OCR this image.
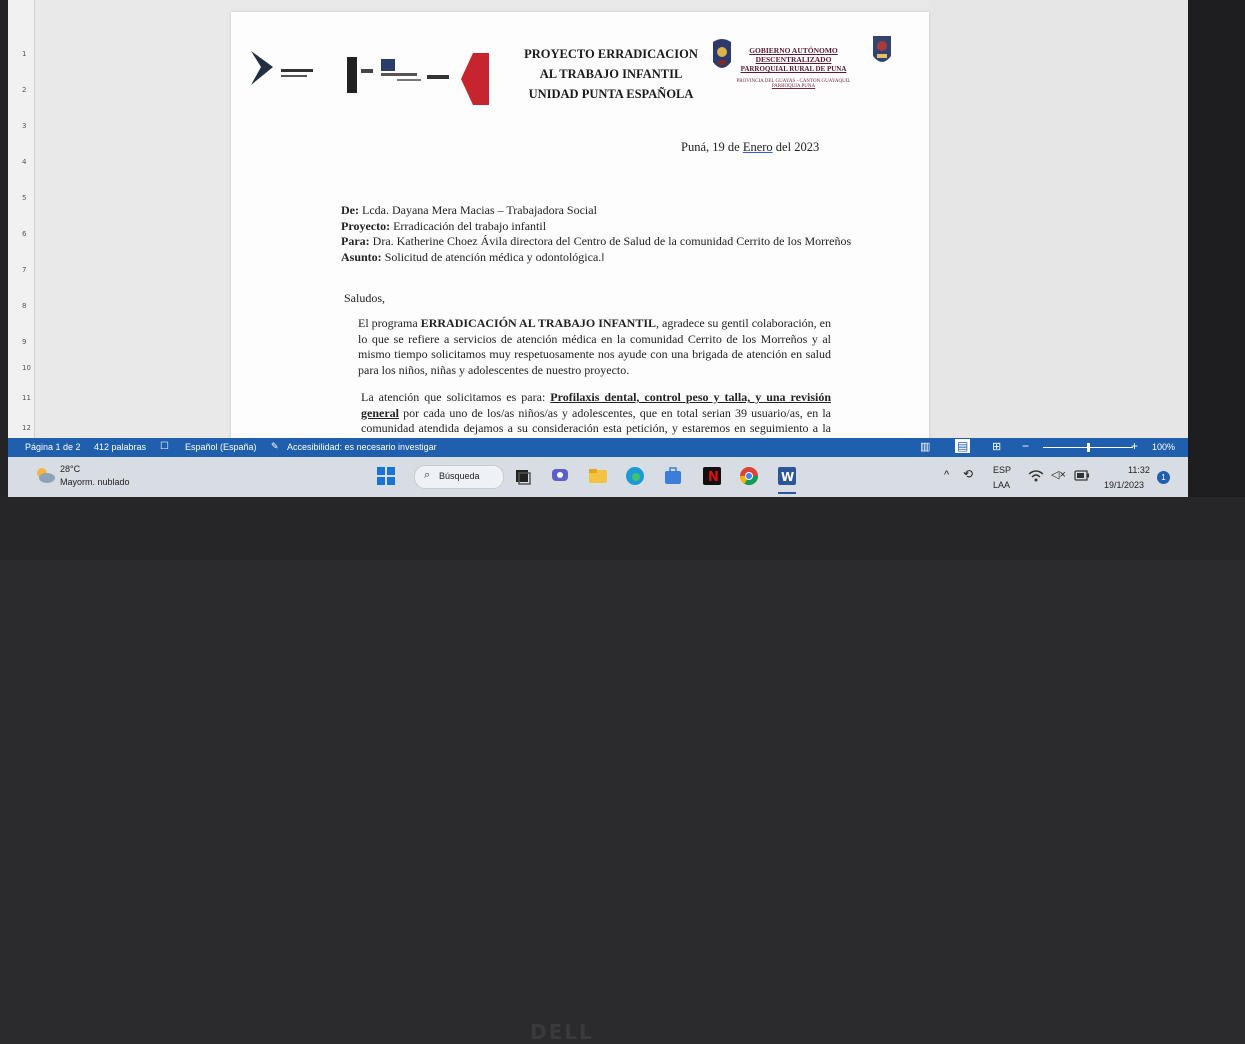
1
2
3
4
5
6
7
8
9
10
11
12
PROYECTO ERRADICACION
AL TRABAJO INFANTIL
UNIDAD PUNTA ESPAÑOLA
GOBIERNO AUTÓNOMO DESCENTRALIZADO
PARROQUIAL RURAL DE PUNA
PROVINCIA DEL GUAYAS - CANTON GUAYAQUIL
PARROQUIA PUNA
Puná, 19 de Enero del 2023
De: Lcda. Dayana Mera Macias – Trabajadora Social
Proyecto: Erradicación del trabajo infantil
Para: Dra. Katherine Choez Ávila directora del Centro de Salud de la comunidad Cerrito de los Morreños
Asunto: Solicitud de atención médica y odontológica.I
Saludos,
El programa ERRADICACIÓN AL TRABAJO INFANTIL, agradece su gentil colaboración, en lo que se refiere a servicios de atención médica en la comunidad Cerrito de los Morreños y al mismo tiempo solicitamos muy respetuosamente nos ayude con una brigada de atención en salud para los niños, niñas y adolescentes de nuestro proyecto.
La atención que solicitamos es para: Profilaxis dental, control peso y talla, y una revisión general por cada uno de los/as niños/as y adolescentes, que en total serian 39 usuario/as, en la comunidad atendida dejamos a su consideración esta petición, y estaremos en seguimiento a la
Página 1 de 2 412 palabras ☐ Español (España) ✎ Accesibilidad: es necesario investigar	▥ ▤ ⊞ −	+ 100%
28°C
Mayorm. nublado
⌕ Búsqueda	N	W	^ ⟲ ESP
LAA
◁×	11:32
19/1/2023
1
DELL
